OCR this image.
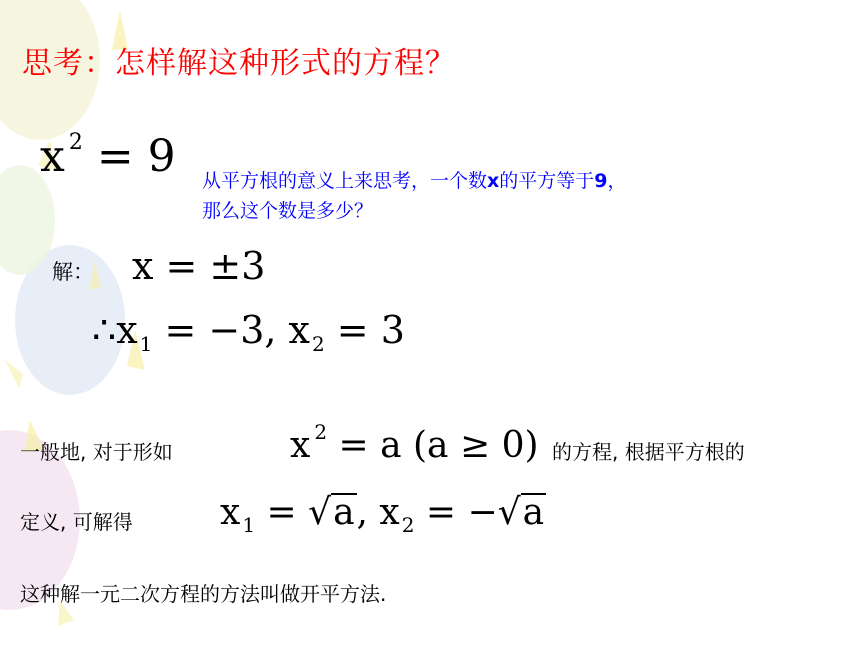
思考：怎样解这种形式的方程？
x $^2$ = 9 从平方根的意义上来思考，一个数x的平方等于9，
那么这个数是多少？
解： x = ±3
∴x $_1$ = −3, x $_2$ = 3
一般地, 对于形如	x $^2$ = a (a ≥ 0) 的方程, 根据平方根的
定义, 可解得 x $_1$ = √a, x $_2$ = −√a
这种解一元二次方程的方法叫做开平方法.
